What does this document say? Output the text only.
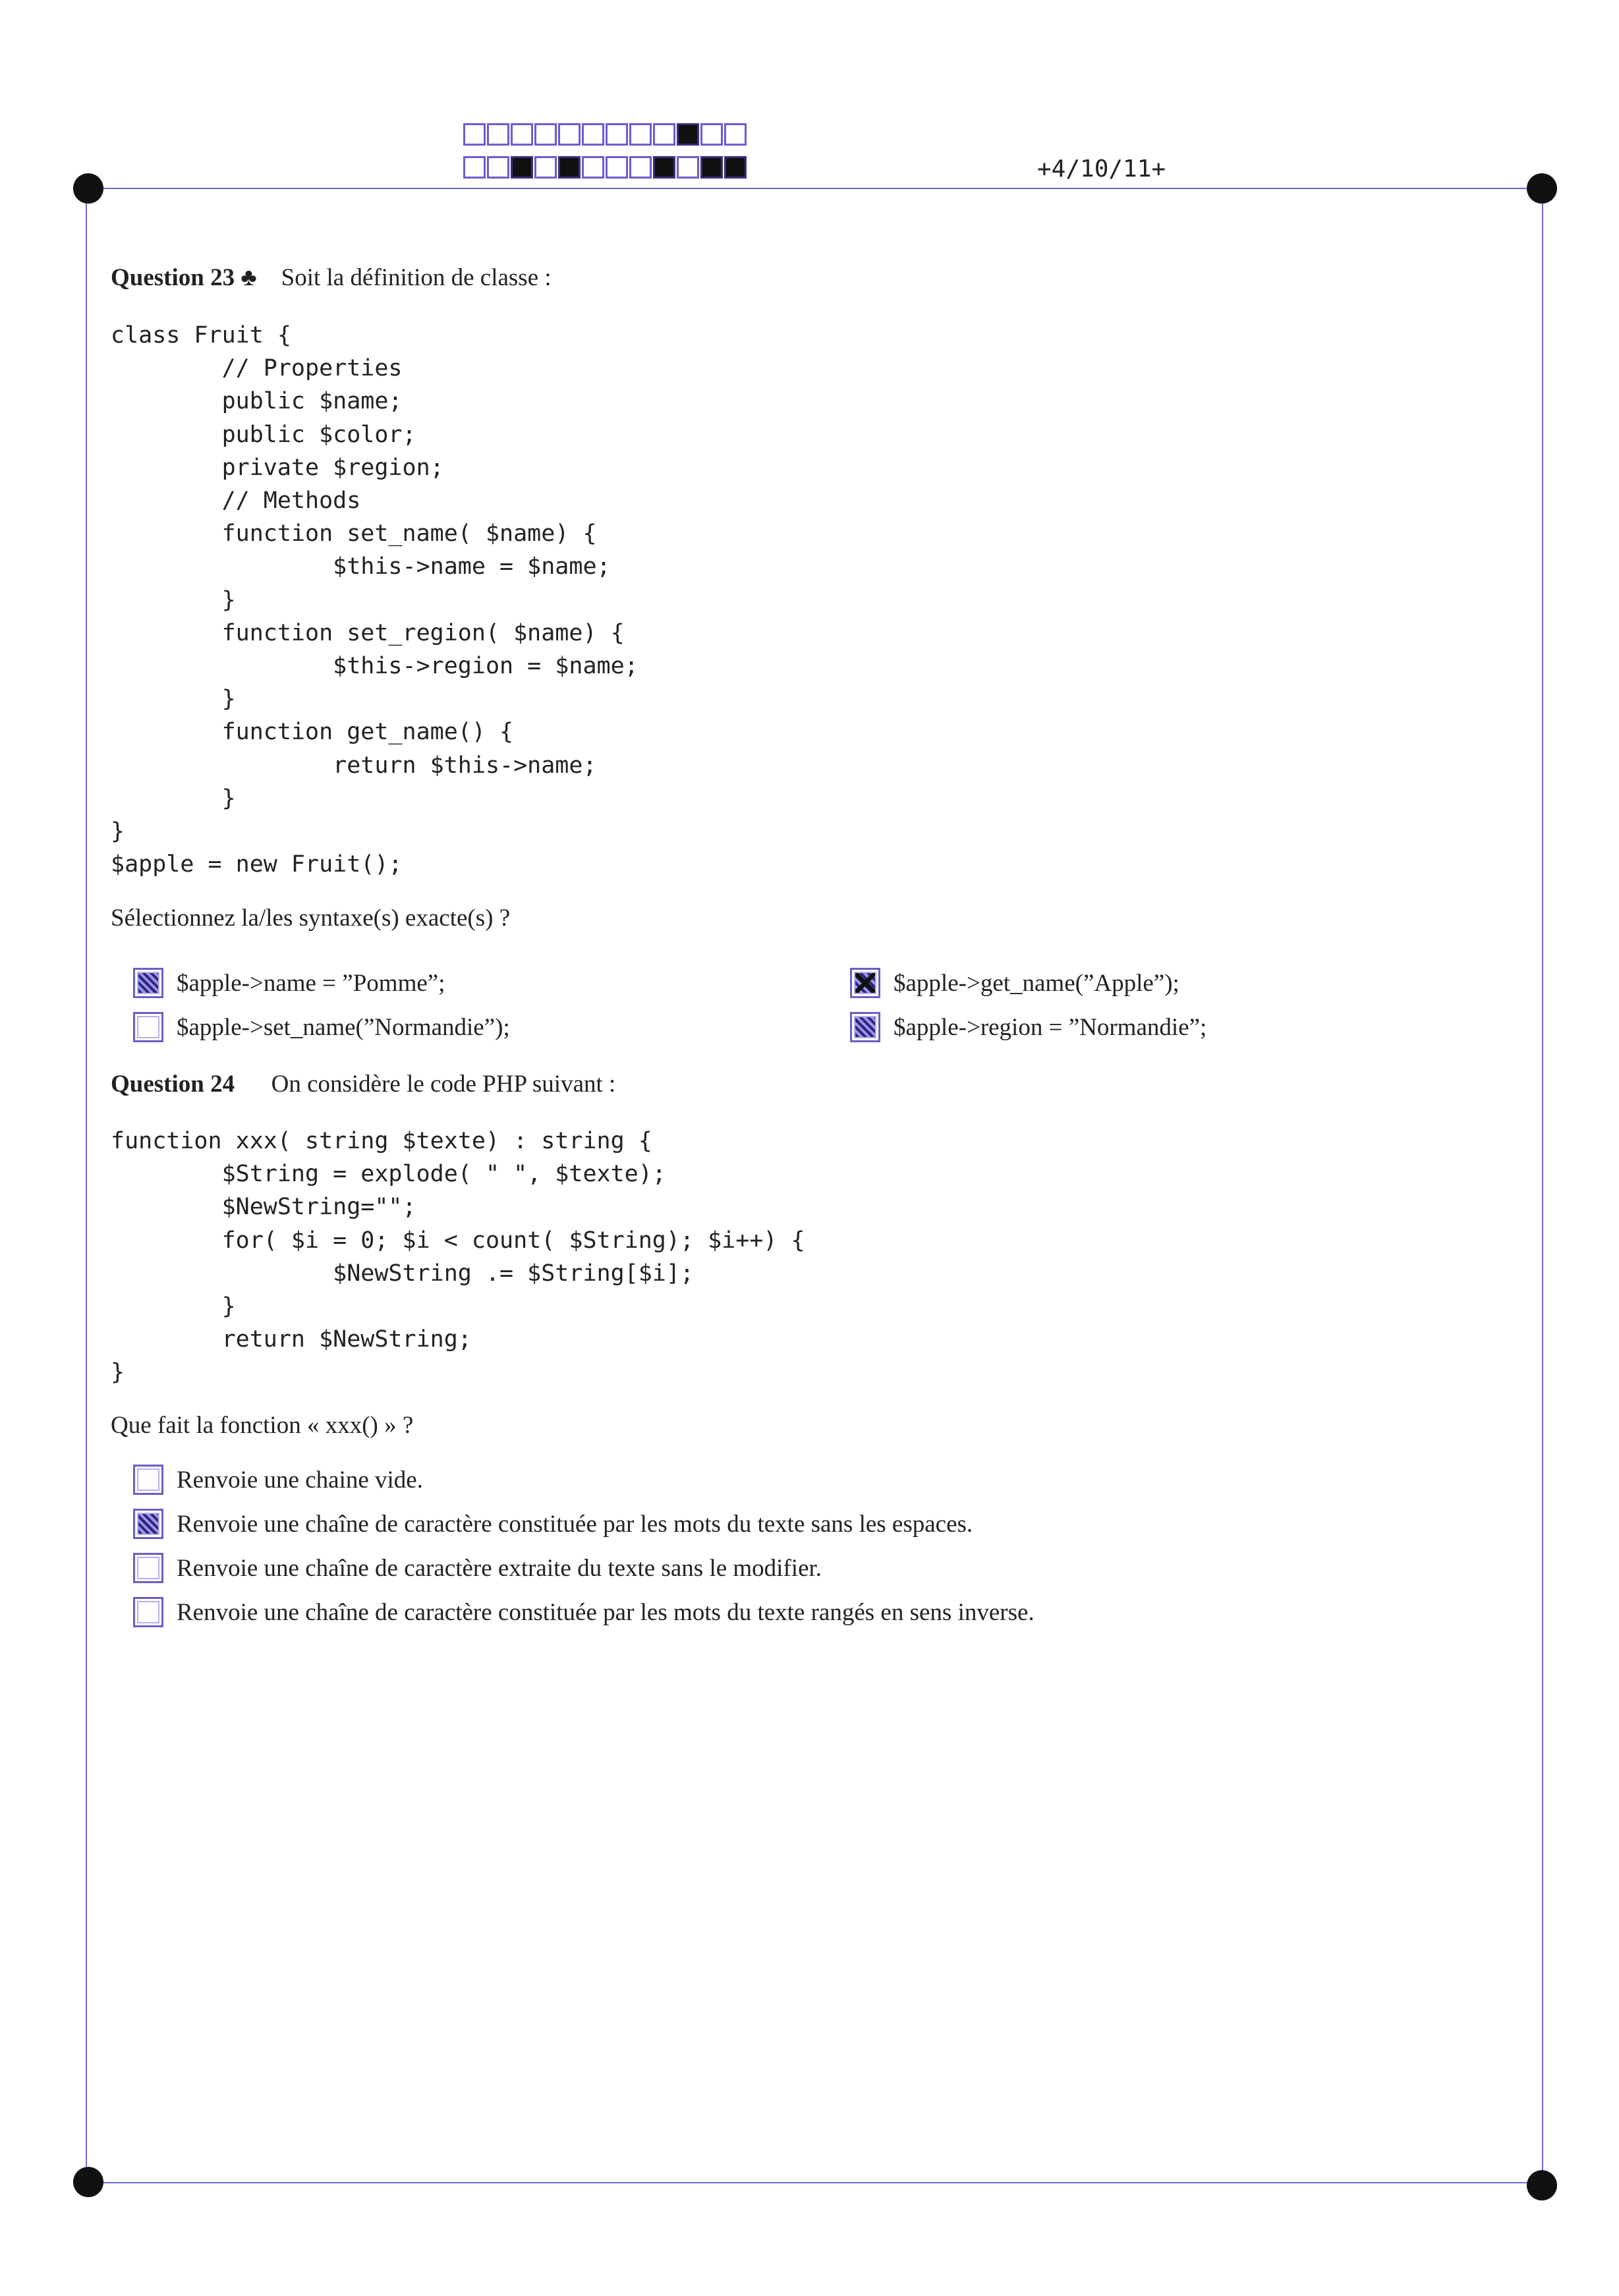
+4/10/11+
Question 23 ♣ Soit la définition de classe :
class Fruit {
// Properties
public $name;
public $color;
private $region;
// Methods
function set_name( $name) {
$this->name = $name;
}
function set_region( $name) {
$this->region = $name;
}
function get_name() {
return $this->name;
}
}
$apple = new Fruit();
Sélectionnez la/les syntaxe(s) exacte(s) ?
$apple->name = ”Pomme”;	$apple->get_name(”Apple”);
$apple->set_name(”Normandie”);	$apple->region = ”Normandie”;
Question 24 On considère le code PHP suivant :
function xxx( string $texte) : string {
$String = explode( " ", $texte);
$NewString="";
for( $i = 0; $i < count( $String); $i++) {
$NewString .= $String[$i];
}
return $NewString;
}
Que fait la fonction « xxx() » ?
Renvoie une chaine vide.
Renvoie une chaîne de caractère constituée par les mots du texte sans les espaces.
Renvoie une chaîne de caractère extraite du texte sans le modifier.
Renvoie une chaîne de caractère constituée par les mots du texte rangés en sens inverse.
